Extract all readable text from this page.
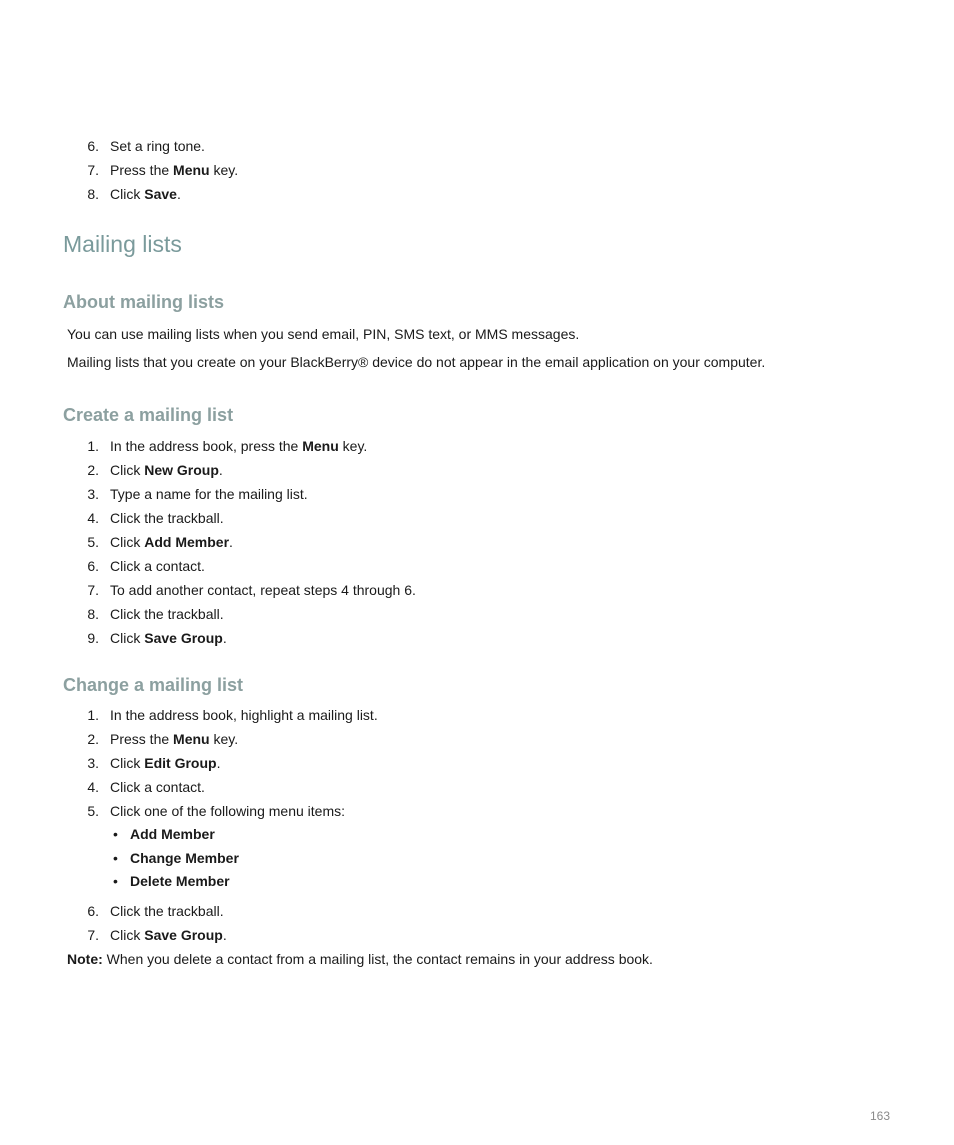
6. Set a ring tone.
7. Press the Menu key.
8. Click Save.
Mailing lists
About mailing lists

You can use mailing lists when you send email, PIN, SMS text, or MMS messages.

Mailing lists that you create on your BlackBerry® device do not appear in the email application on your computer.

Create a mailing list
1. In the address book, press the Menu key.
2. Click New Group.
3. Type a name for the mailing list.
4. Click the trackball.
5. Click Add Member.
6. Click a contact.
7. To add another contact, repeat steps 4 through 6.
8. Click the trackball.
9. Click Save Group.
Change a mailing list
1. In the address book, highlight a mailing list.
2. Press the Menu key.
3. Click Edit Group.
4. Click a contact.
5. Click one of the following menu items:
• Add Member
• Change Member
• Delete Member
6. Click the trackball.
7. Click Save Group.

Note: When you delete a contact from a mailing list, the contact remains in your address book.

163
